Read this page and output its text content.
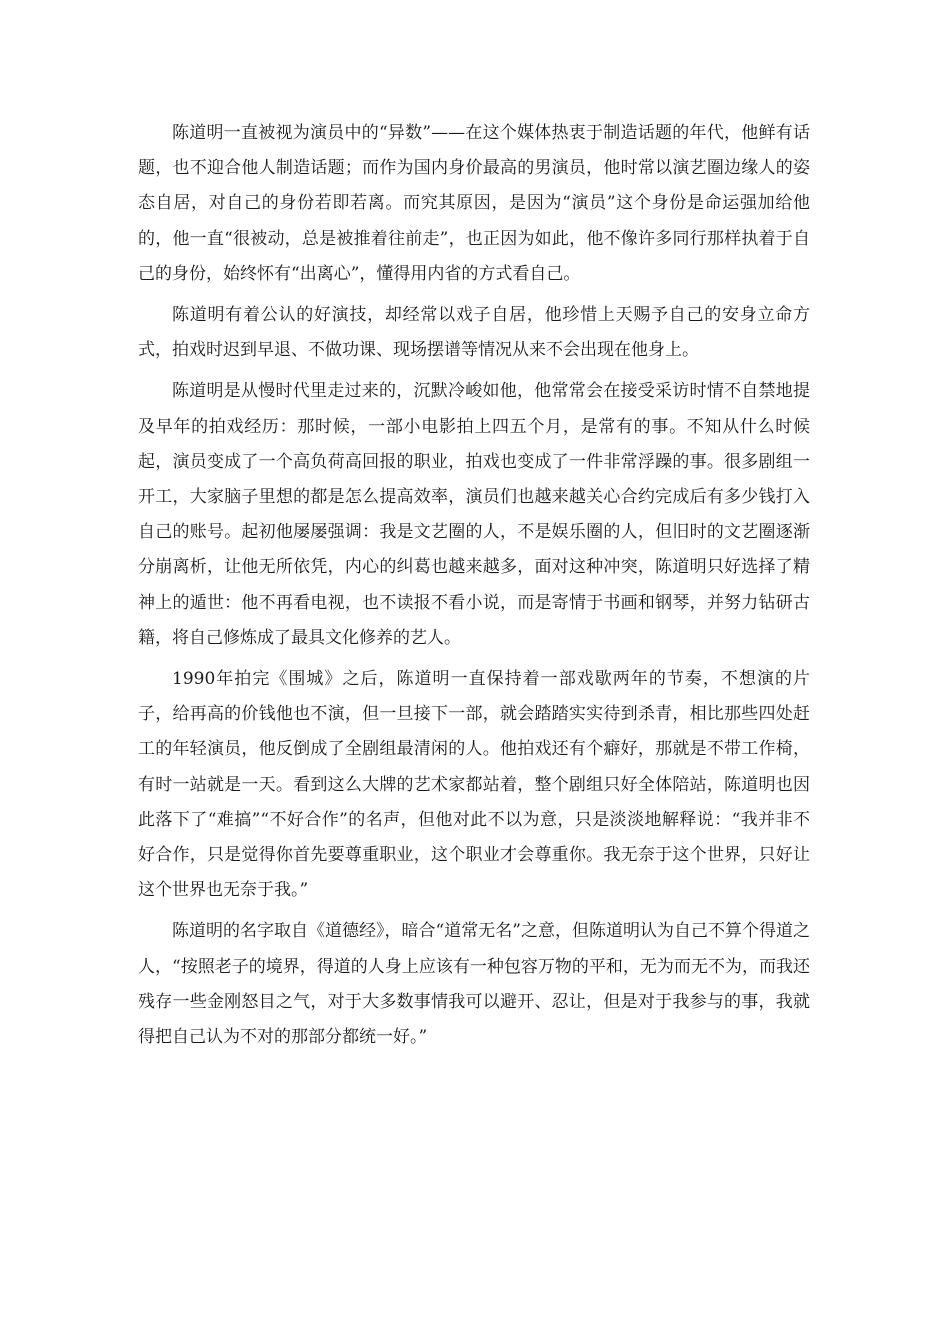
陈道明一直被视为演员中的“异数”——在这个媒体热衷于制造话题的年代，他鲜有话题，也不迎合他人制造话题；而作为国内身价最高的男演员，他时常以演艺圈边缘人的姿态自居，对自己的身份若即若离。而究其原因，是因为“演员”这个身份是命运强加给他的，他一直“很被动，总是被推着往前走”，也正因为如此，他不像许多同行那样执着于自己的身份，始终怀有“出离心”，懂得用内省的方式看自己。

陈道明有着公认的好演技，却经常以戏子自居，他珍惜上天赐予自己的安身立命方式，拍戏时迟到早退、不做功课、现场摆谱等情况从来不会出现在他身上。

陈道明是从慢时代里走过来的，沉默冷峻如他，他常常会在接受采访时情不自禁地提及早年的拍戏经历：那时候，一部小电影拍上四五个月，是常有的事。不知从什么时候起，演员变成了一个高负荷高回报的职业，拍戏也变成了一件非常浮躁的事。很多剧组一开工，大家脑子里想的都是怎么提高效率，演员们也越来越关心合约完成后有多少钱打入自己的账号。起初他屡屡强调：我是文艺圈的人，不是娱乐圈的人，但旧时的文艺圈逐渐分崩离析，让他无所依凭，内心的纠葛也越来越多，面对这种冲突，陈道明只好选择了精神上的遁世：他不再看电视，也不读报不看小说，而是寄情于书画和钢琴，并努力钻研古籍，将自己修炼成了最具文化修养的艺人。

1990年拍完《围城》之后，陈道明一直保持着一部戏歇两年的节奏，不想演的片子，给再高的价钱他也不演，但一旦接下一部，就会踏踏实实待到杀青，相比那些四处赶工的年轻演员，他反倒成了全剧组最清闲的人。他拍戏还有个癖好，那就是不带工作椅，有时一站就是一天。看到这么大牌的艺术家都站着，整个剧组只好全体陪站，陈道明也因此落下了“难搞”“不好合作”的名声，但他对此不以为意，只是淡淡地解释说：“我并非不好合作，只是觉得你首先要尊重职业，这个职业才会尊重你。我无奈于这个世界，只好让这个世界也无奈于我。”

陈道明的名字取自《道德经》，暗合“道常无名”之意，但陈道明认为自己不算个得道之人，“按照老子的境界，得道的人身上应该有一种包容万物的平和，无为而无不为，而我还残存一些金刚怒目之气，对于大多数事情我可以避开、忍让，但是对于我参与的事，我就得把自己认为不对的那部分都统一好。”
